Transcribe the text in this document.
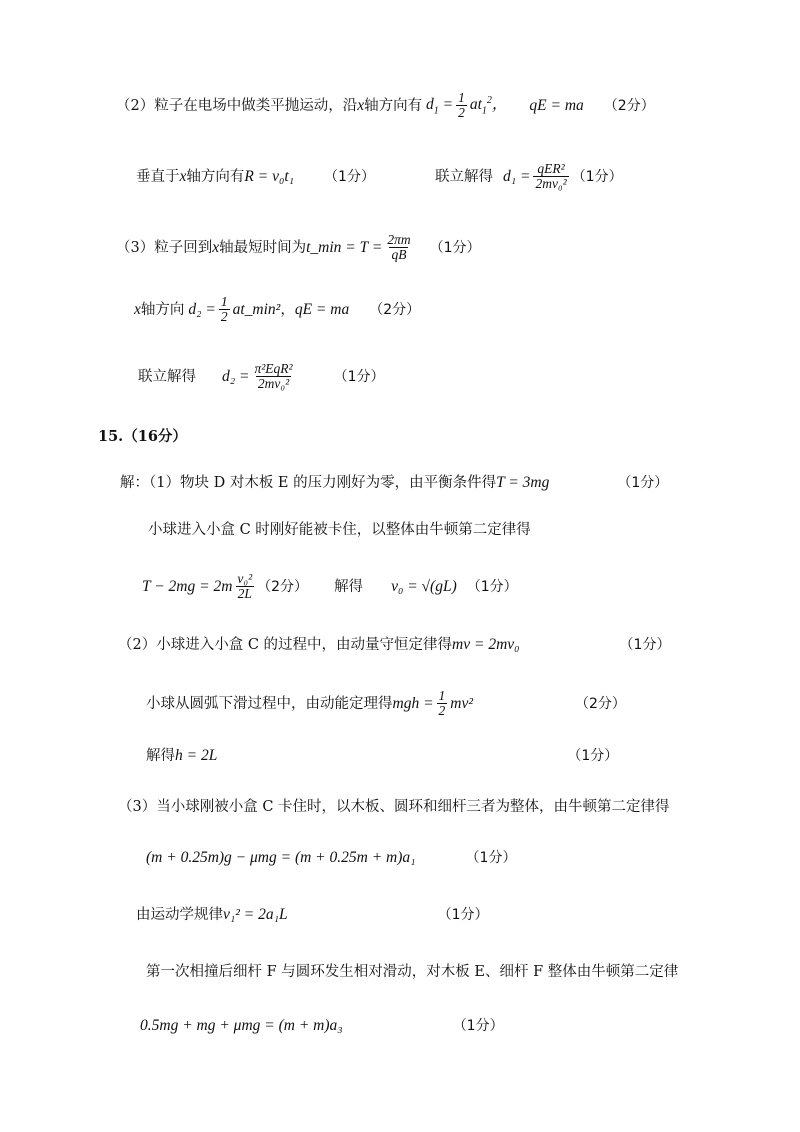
（2） 粒子在电场中做类平抛运动，沿 x 轴方向有 $d_1 = \frac{1}{2} at_1^2$， qE = ma （2分）
垂直于 x 轴方向有 R = v₀t₁ （1分）	联立解得 $d_1 = \frac{\text{qER²}}{\text{2mv₀²}} (1$分）
（3） 粒子回到 x 轴最短时间为 t_min = $T = \frac{2\pi m}{qB} (1$分）
x 轴方向 $d_2 = \frac{1}{2}$ at_min² ， qE = ma （2分）
联立解得 $d_2 = \frac{\text{π²EqR²}}{\text{2mv₀²}}$	（1分）
15.（16分）
解：（1）物块 D 对木板 E 的压力刚好为零，由平衡条件得 T = 3mg	（1分）
小球进入小盒 C 时刚好能被卡住，以整体由牛顿第二定律得
$T - 2mg = 2m \frac{\text{v₀²}}{2L} (2$分） 解得 v₀ = √(gL) （1分）
（2）小球进入小盒 C 的过程中，由动量守恒定律得 mv = 2mv₀	（1分）
小球从圆弧下滑过程中，由动能定理得 mgh = $\frac{1}{2} mv^2$	（2分）
解得 h = 2L	（1分）
（3）当小球刚被小盒 C 卡住时，以木板、圆环和细杆三者为整体，由牛顿第二定律得
(m + 0.25m)g − μmg = (m + 0.25m + m)a₁	（1分）
由运动学规律 v₁² = 2a₁L	（1分）
第一次相撞后细杆 F 与圆环发生相对滑动，对木板 E、细杆 F 整体由牛顿第二定律
0.5mg + mg + μmg = (m + m)a₃	（1分）
